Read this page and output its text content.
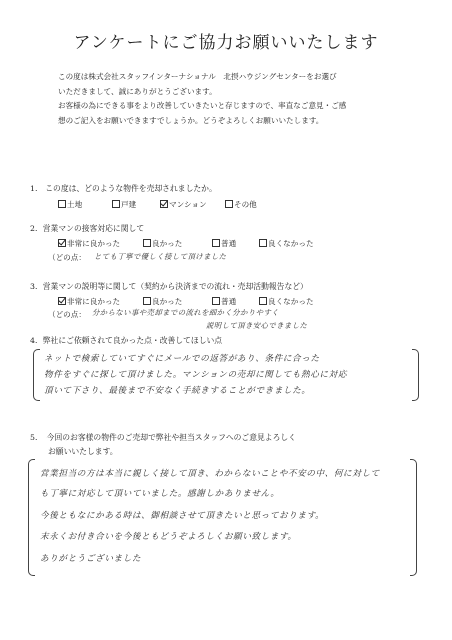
アンケートにご協力お願いいたします
この度は株式会社スタッフインターナショナル　北摂ハウジングセンターをお選び
いただきまして、誠にありがとうございます。
お客様の為にできる事をより改善していきたいと存じますので、率直なご意見・ご感
想のご記入をお願いできますでしょうか。どうぞよろしくお願いいたします。
1.　この度は、どのような物件を売却されましたか。
土地	戸建	マンション	その他
2．営業マンの接客対応に関して
非常に良かった	良かった	普通	良くなかった
（どの点： とても丁寧で優しく接して頂けました
3．営業マンの説明等に関して（契約から決済までの流れ・売却活動報告など）
非常に良かった	良かった	普通	良くなかった
（どの点： 分からない事や売却までの流れを細かく分かりやすく
説明して頂き安心できました
4．弊社にご依頼されて良かった点・改善してほしい点
ネットで検索していてすぐにメールでの返答があり、条件に合った
物件をすぐに探して頂けました。マンションの売却に関しても熱心に対応
頂いて下さり、最後まで不安なく手続きすることができました。
5．　今回のお客様の物件のご売却で弊社や担当スタッフへのご意見よろしく
お願いいたします。
営業担当の方は本当に親しく接して頂き、わからないことや不安の中、何に対して
も丁寧に対応して頂いていました。感謝しかありません。
今後ともなにかある時は、御相談させて頂きたいと思っております。
末永くお付き合いを今後ともどうぞよろしくお願い致します。
ありがとうございました
